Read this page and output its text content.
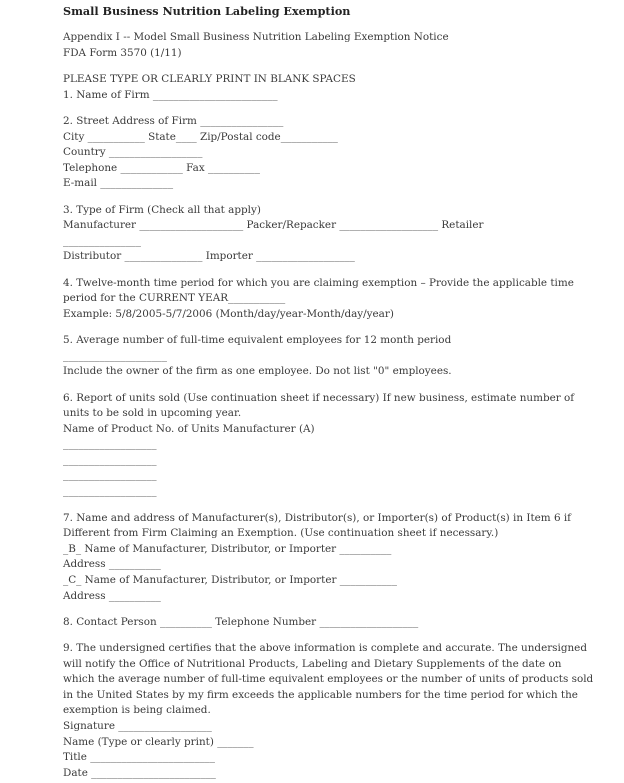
Small Business Nutrition Labeling Exemption
Appendix I -- Model Small Business Nutrition Labeling Exemption Notice
FDA Form 3570 (1/11)
PLEASE TYPE OR CLEARLY PRINT IN BLANK SPACES
1. Name of Firm ________________________
2. Street Address of Firm ________________
City ___________ State____ Zip/Postal code___________
Country __________________
Telephone ____________ Fax __________
E-mail ______________
3. Type of Firm (Check all that apply)
Manufacturer ____________________ Packer/Repacker ___________________ Retailer
_______________
Distributor _______________ Importer ___________________
4. Twelve-month time period for which you are claiming exemption – Provide the applicable time
period for the CURRENT YEAR___________
Example: 5/8/2005-5/7/2006 (Month/day/year-Month/day/year)
5. Average number of full-time equivalent employees for 12 month period
____________________
Include the owner of the firm as one employee. Do not list "0" employees.
6. Report of units sold (Use continuation sheet if necessary) If new business, estimate number of
units to be sold in upcoming year.
Name of Product No. of Units Manufacturer (A)
__________________
__________________
__________________
__________________
7. Name and address of Manufacturer(s), Distributor(s), or Importer(s) of Product(s) in Item 6 if
Different from Firm Claiming an Exemption. (Use continuation sheet if necessary.)
_B_ Name of Manufacturer, Distributor, or Importer __________
Address __________
_C_ Name of Manufacturer, Distributor, or Importer ___________
Address __________
8. Contact Person __________ Telephone Number ___________________
9. The undersigned certifies that the above information is complete and accurate. The undersigned
will notify the Office of Nutritional Products, Labeling and Dietary Supplements of the date on
which the average number of full-time equivalent employees or the number of units of products sold
in the United States by my firm exceeds the applicable numbers for the time period for which the
exemption is being claimed.
Signature __________________
Name (Type or clearly print) _______
Title ________________________
Date ________________________
